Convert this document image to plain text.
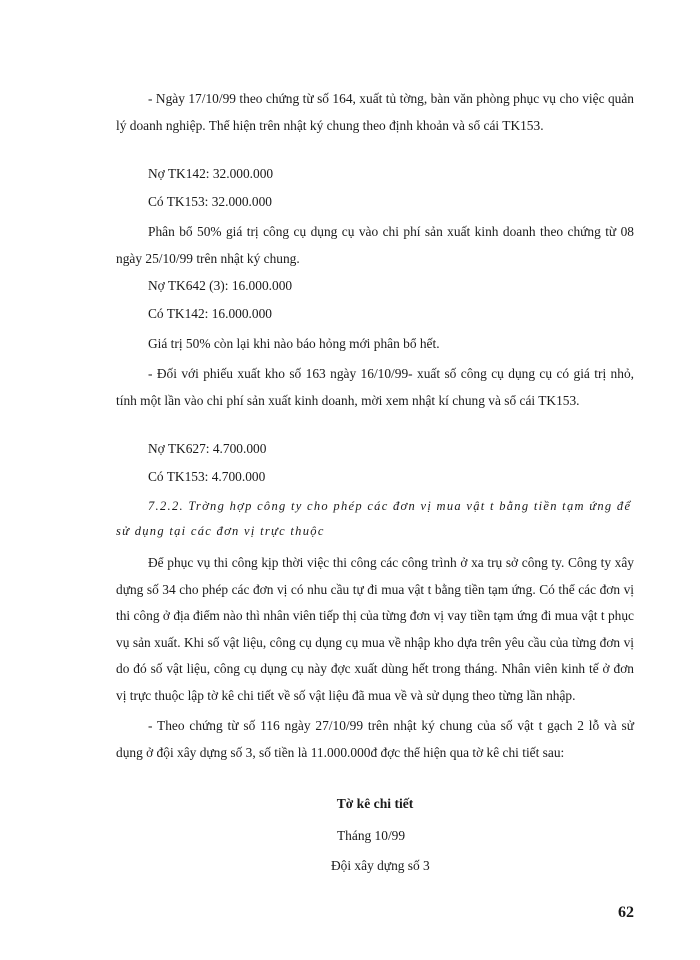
- Ngày 17/10/99 theo chứng từ số 164, xuất tủ tờng, bàn văn phòng phục vụ cho việc quản lý doanh nghiệp. Thể hiện trên nhật ký chung theo định khoản và sổ cái TK153.

Nợ TK142: 32.000.000

Có TK153: 32.000.000

Phân bổ 50% giá trị công cụ dụng cụ vào chi phí sản xuất kinh doanh theo chứng từ 08 ngày 25/10/99 trên nhật ký chung.

Nợ TK642 (3): 16.000.000

Có TK142: 16.000.000

Giá trị 50% còn lại khi nào báo hỏng mới phân bổ hết.

- Đối với phiếu xuất kho số 163 ngày 16/10/99- xuất số công cụ dụng cụ có giá trị nhỏ, tính một lần vào chi phí sản xuất kinh doanh, mời xem nhật kí chung và sổ cái TK153.

Nợ TK627: 4.700.000

Có TK153: 4.700.000

7.2.2. Trờng hợp công ty cho phép các đơn vị mua vật t bằng tiền tạm ứng để sử dụng tại các đơn vị trực thuộc

Để phục vụ thi công kịp thời việc thi công các công trình ở xa trụ sở công ty. Công ty xây dựng số 34 cho phép các đơn vị có nhu cầu tự đi mua vật t bằng tiền tạm ứng. Có thể các đơn vị thi công ở địa điểm nào thì nhân viên tiếp thị của từng đơn vị vay tiền tạm ứng đi mua vật t phục vụ sản xuất. Khi số vật liệu, công cụ dụng cụ mua về nhập kho dựa trên yêu cầu của từng đơn vị do đó số vật liệu, công cụ dụng cụ này đợc xuất dùng hết trong tháng. Nhân viên kinh tế ở đơn vị trực thuộc lập tờ kê chi tiết về số vật liệu đã mua về và sử dụng theo từng lần nhập.

- Theo chứng từ số 116 ngày 27/10/99 trên nhật ký chung của số vật t gạch 2 lỗ và sử dụng ở đội xây dựng số 3, số tiền là 11.000.000đ đợc thể hiện qua tờ kê chi tiết sau:

Tờ kê chi tiết

Tháng 10/99

Đội xây dựng số 3

62
